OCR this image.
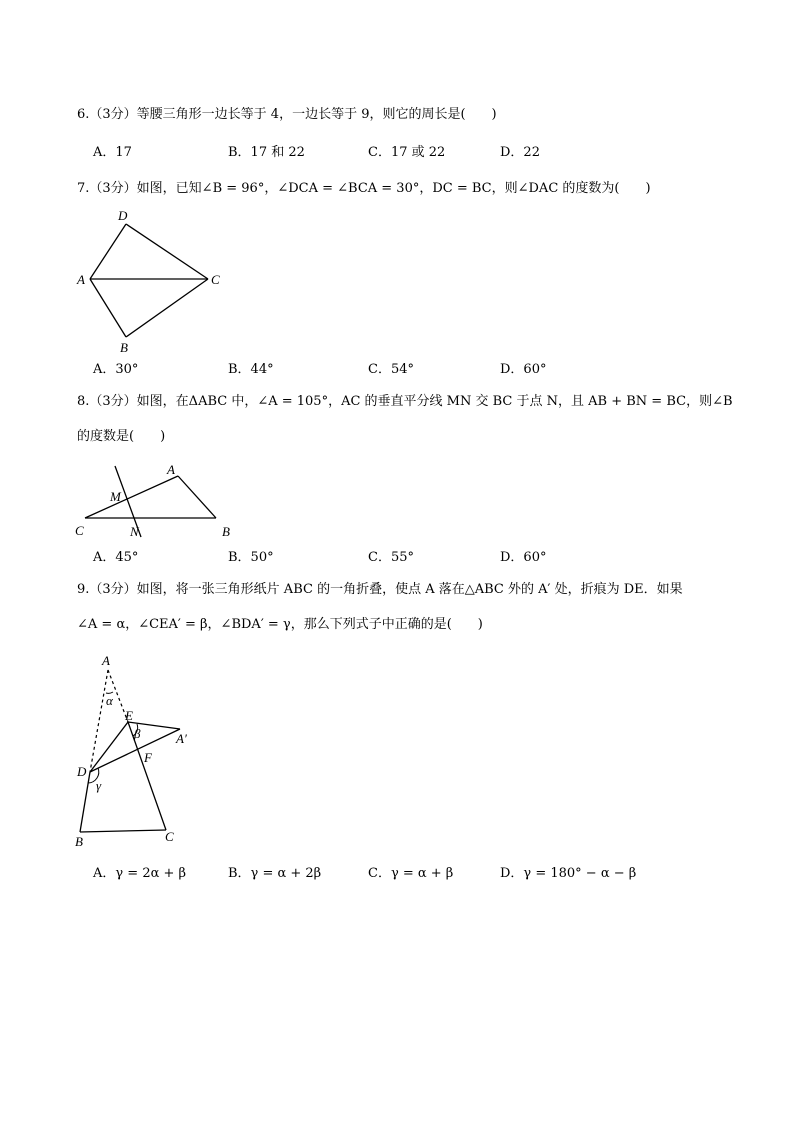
6.（3分）等腰三角形一边长等于 4，一边长等于 9，则它的周长是(　　)
A．17	B．17 和 22	C．17 或 22	D．22
7.（3分）如图，已知∠B = 96°，∠DCA = ∠BCA = 30°，DC = BC，则∠DAC 的度数为(　　)
D
A	C
B
A．30°	B．44°	C．54°	D．60°
8.（3分）如图，在ΔABC 中，∠A = 105°，AC 的垂直平分线 MN 交 BC 于点 N，且 AB + BN = BC，则∠B
的度数是(　　)
A
M
C	N	B
A．45°	B．50°	C．55°	D．60°
9.（3分）如图，将一张三角形纸片 ABC 的一角折叠，使点 A 落在△ABC 外的 A′ 处，折痕为 DE．如果
∠A = α，∠CEA′ = β，∠BDA′ = γ，那么下列式子中正确的是(　　)
A
α
E
β	A′
F
D
γ
B	C
A．γ = 2α + β	B．γ = α + 2β	C．γ = α + β	D．γ = 180° − α − β
